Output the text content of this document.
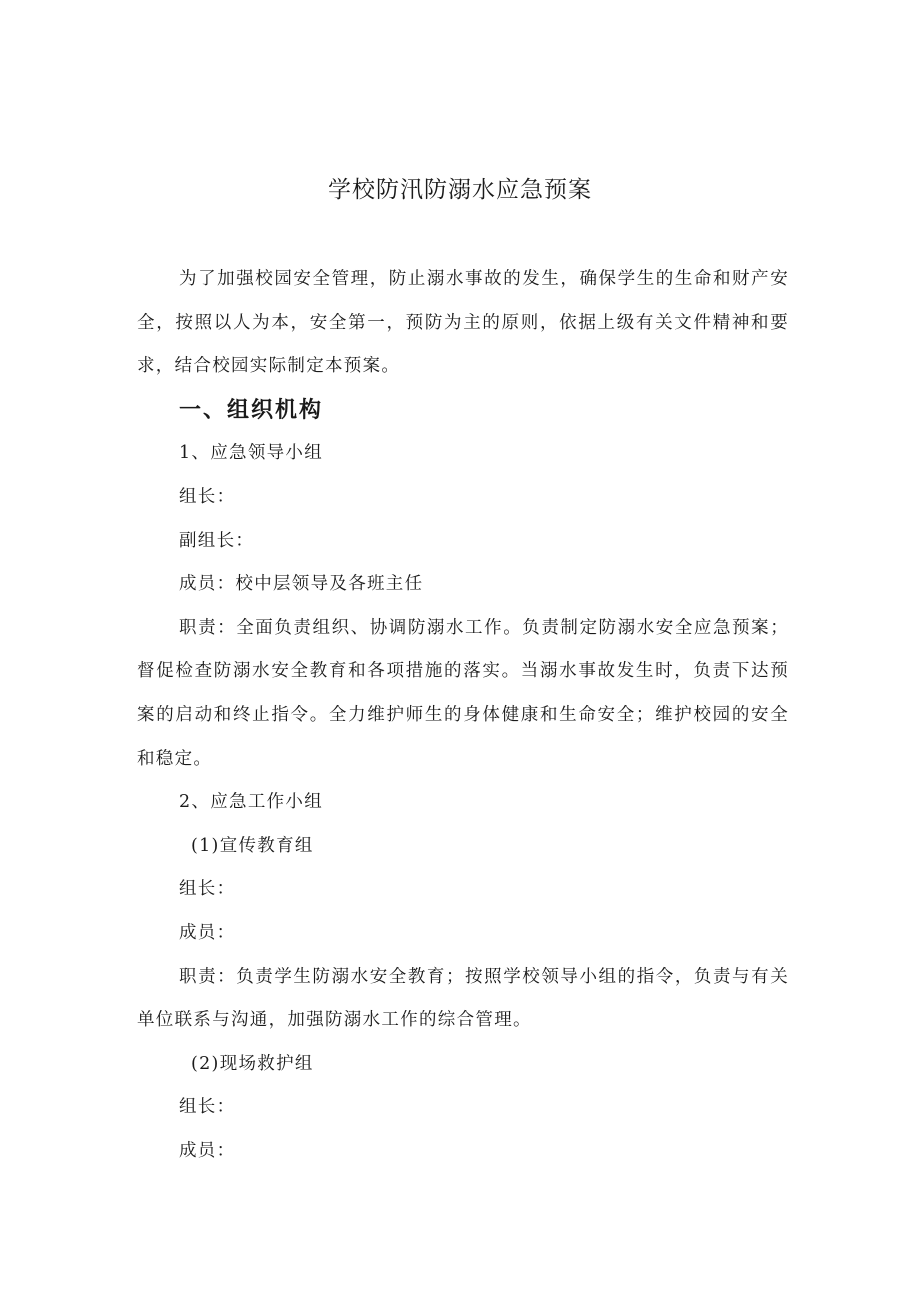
学校防汛防溺水应急预案

为了加强校园安全管理，防止溺水事故的发生，确保学生的生命和财产安全，按照以人为本，安全第一，预防为主的原则，依据上级有关文件精神和要求，结合校园实际制定本预案。

一、组织机构

1、应急领导小组

组长：

副组长：

成员：校中层领导及各班主任

职责：全面负责组织、协调防溺水工作。负责制定防溺水安全应急预案；督促检查防溺水安全教育和各项措施的落实。当溺水事故发生时，负责下达预案的启动和终止指令。全力维护师生的身体健康和生命安全；维护校园的安全和稳定。

2、应急工作小组

(1)宣传教育组

组长：

成员：

职责：负责学生防溺水安全教育；按照学校领导小组的指令，负责与有关单位联系与沟通，加强防溺水工作的综合管理。

(2)现场救护组

组长：

成员：
